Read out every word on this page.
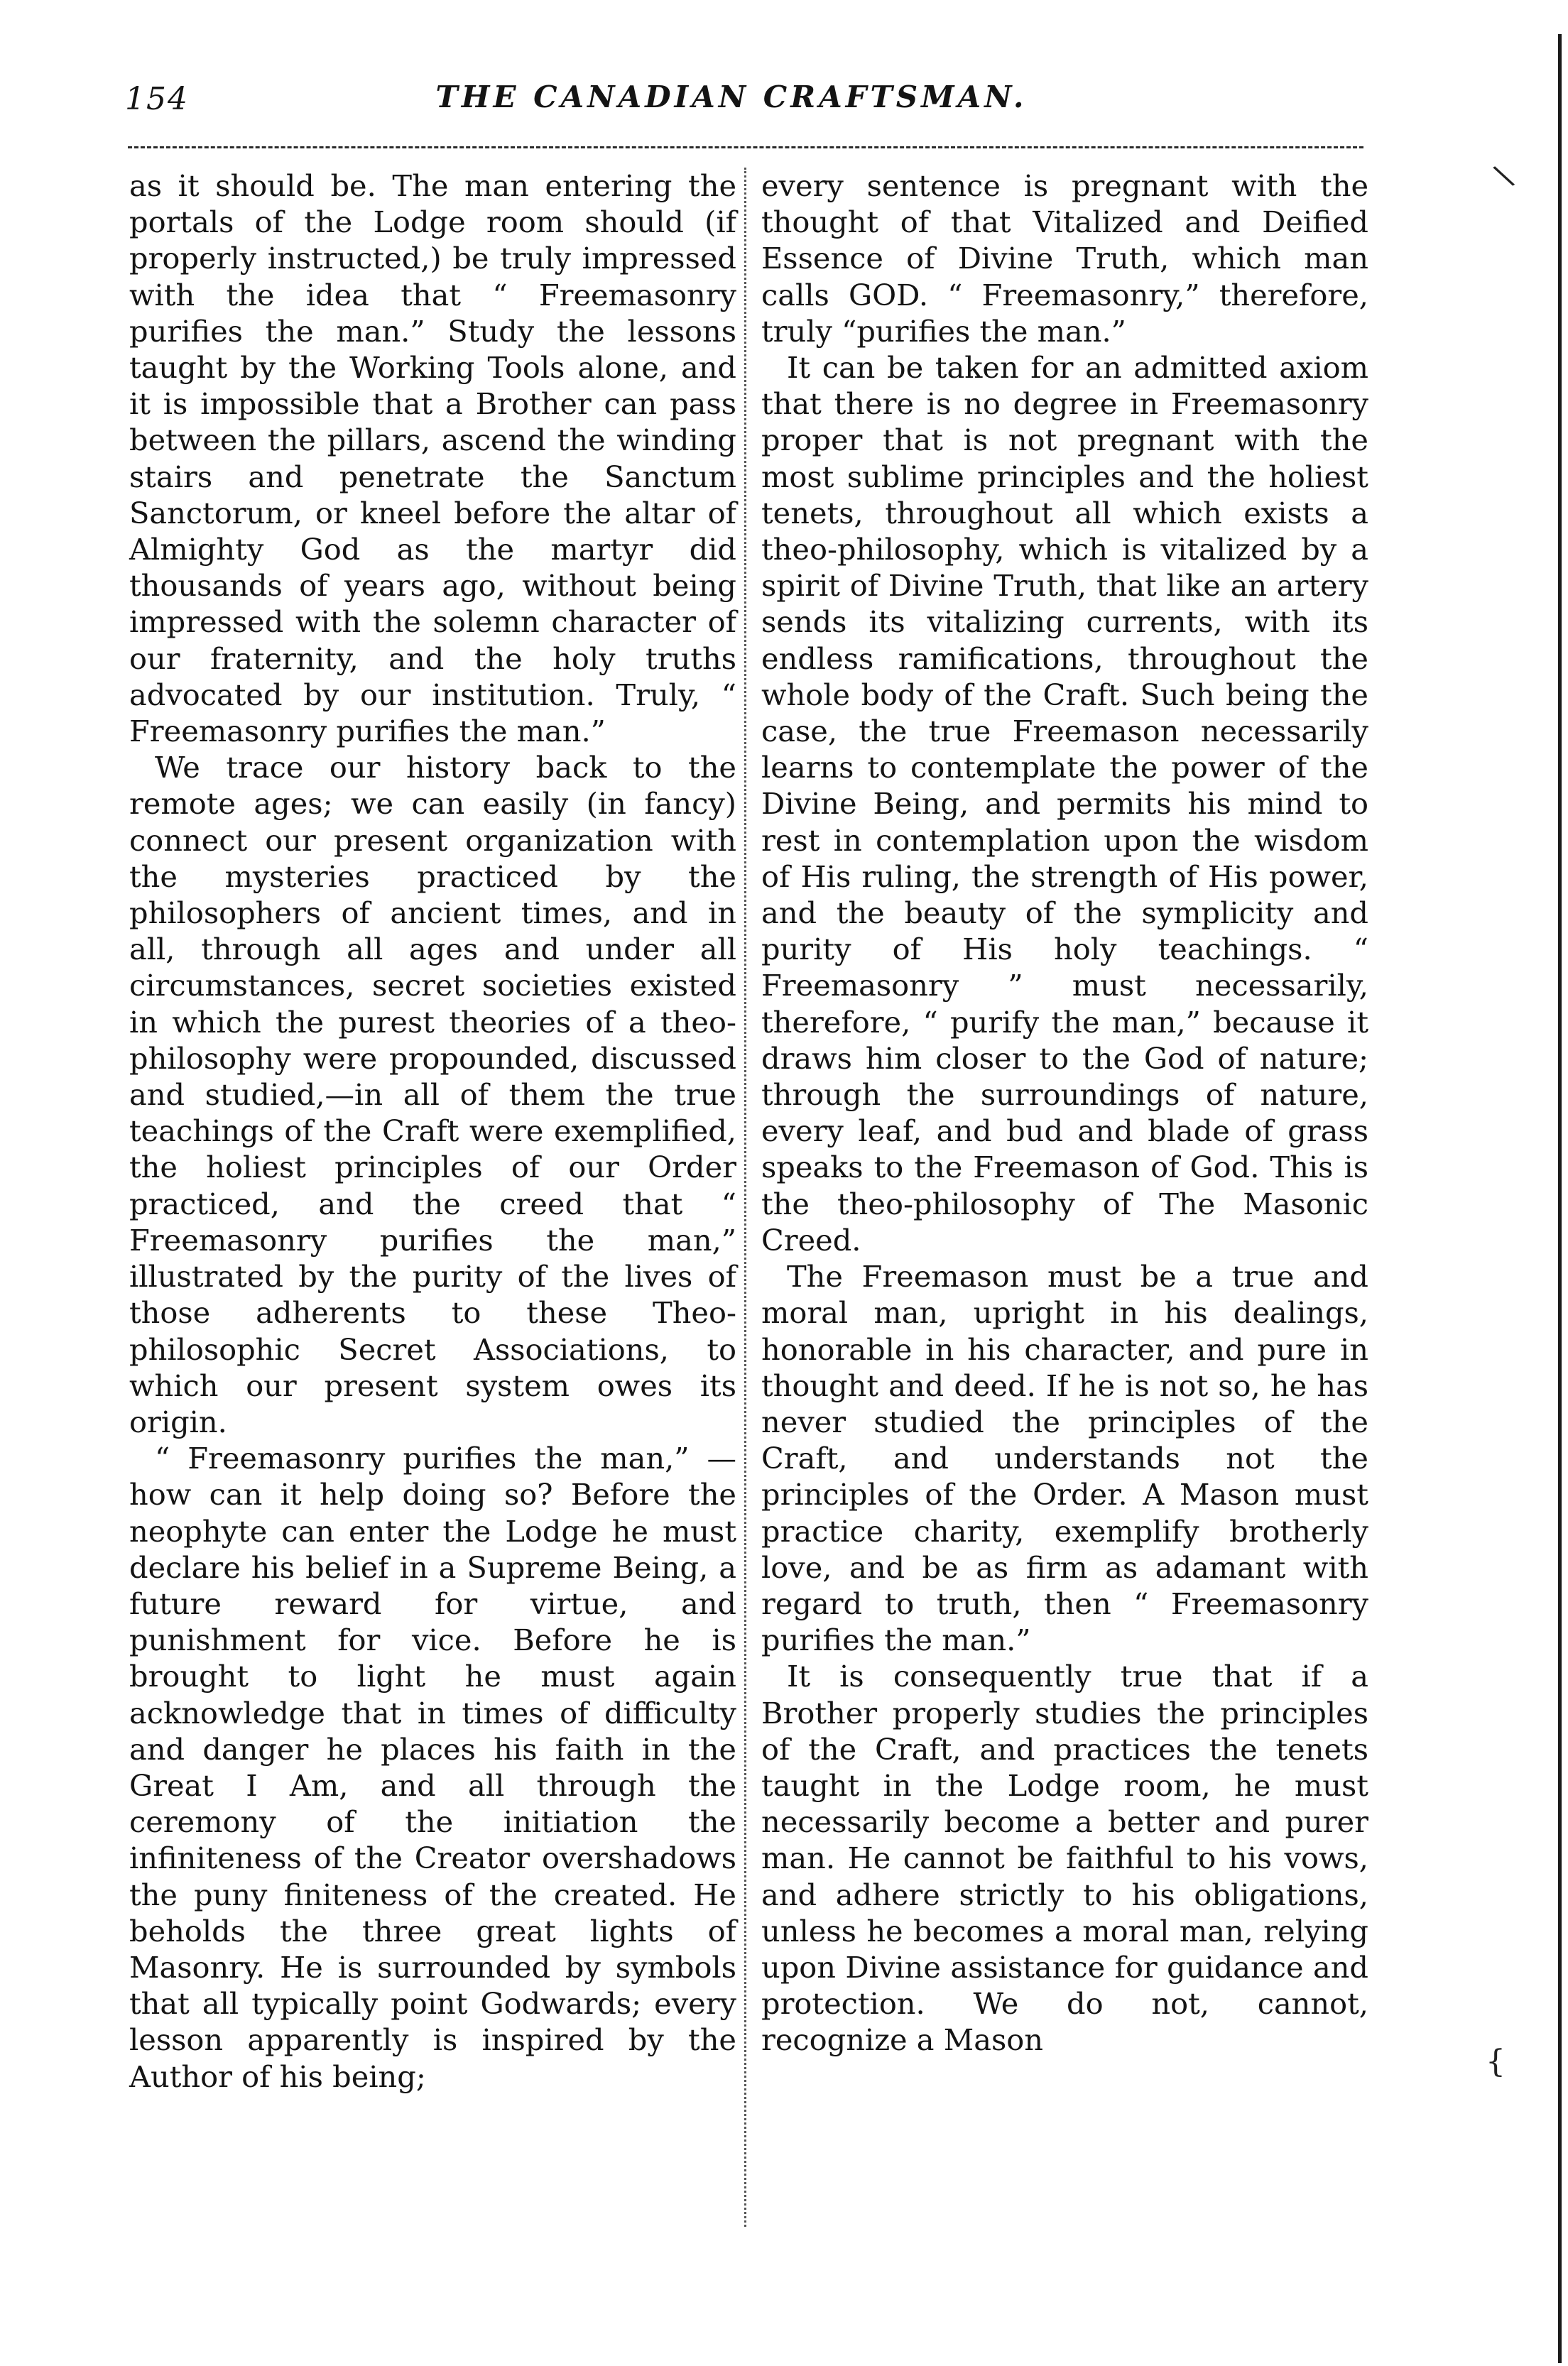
154	THE CANADIAN CRAFTSMAN.

as it should be. The man entering the portals of the Lodge room should (if properly instructed,) be truly impressed with the idea that “ Freemasonry purifies the man.” Study the lessons taught by the Working Tools alone, and it is impossible that a Brother can pass between the pillars, ascend the winding stairs and penetrate the Sanctum Sanctorum, or kneel before the altar of Almighty God as the martyr did thousands of years ago, without being impressed with the solemn character of our fraternity, and the holy truths advocated by our institution. Truly, “ Freemasonry purifies the man.”

We trace our history back to the remote ages; we can easily (in fancy) connect our present organization with the mysteries practiced by the philosophers of ancient times, and in all, through all ages and under all circumstances, secret societies existed in which the purest theories of a theo-philosophy were propounded, discussed and studied,—in all of them the true teachings of the Craft were exemplified, the holiest principles of our Order practiced, and the creed that “ Freemasonry purifies the man,” illustrated by the purity of the lives of those adherents to these Theo-philosophic Secret Associations, to which our present system owes its origin.

“ Freemasonry purifies the man,” —how can it help doing so? Before the neophyte can enter the Lodge he must declare his belief in a Supreme Being, a future reward for virtue, and punishment for vice. Before he is brought to light he must again acknowledge that in times of difficulty and danger he places his faith in the Great I Am, and all through the ceremony of the initiation the infiniteness of the Creator overshadows the puny finiteness of the created. He beholds the three great lights of Masonry. He is surrounded by symbols that all typically point Godwards; every lesson apparently is inspired by the Author of his being;

every sentence is pregnant with the thought of that Vitalized and Deified Essence of Divine Truth, which man calls GOD. “ Freemasonry,” therefore, truly “purifies the man.”

It can be taken for an admitted axiom that there is no degree in Freemasonry proper that is not pregnant with the most sublime principles and the holiest tenets, throughout all which exists a theo-philosophy, which is vitalized by a spirit of Divine Truth, that like an artery sends its vitalizing currents, with its endless ramifications, throughout the whole body of the Craft. Such being the case, the true Freemason necessarily learns to contemplate the power of the Divine Being, and permits his mind to rest in contemplation upon the wisdom of His ruling, the strength of His power, and the beauty of the symplicity and purity of His holy teachings. “ Freemasonry ” must necessarily, therefore, “ purify the man,” because it draws him closer to the God of nature; through the surroundings of nature, every leaf, and bud and blade of grass speaks to the Freemason of God. This is the theo-philosophy of The Masonic Creed.

The Freemason must be a true and moral man, upright in his dealings, honorable in his character, and pure in thought and deed. If he is not so, he has never studied the principles of the Craft, and understands not the principles of the Order. A Mason must practice charity, exemplify brotherly love, and be as firm as adamant with regard to truth, then “ Freemasonry purifies the man.”

It is consequently true that if a Brother properly studies the principles of the Craft, and practices the tenets taught in the Lodge room, he must necessarily become a better and purer man. He cannot be faithful to his vows, and adhere strictly to his obligations, unless he becomes a moral man, relying upon Divine assistance for guidance and protection. We do not, cannot, recognize a Mason

\
{
